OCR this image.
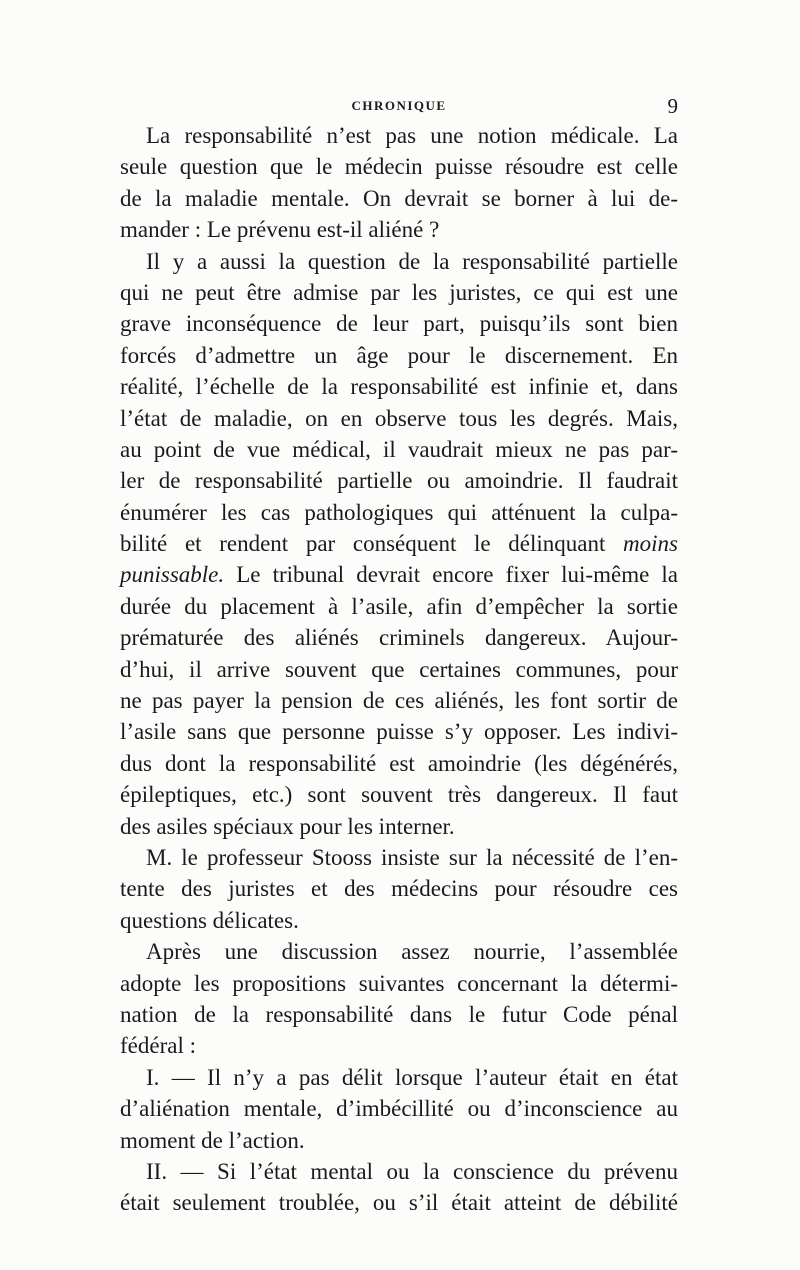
CHRONIQUE	9
La responsabilité n’est pas une notion médicale. La
seule question que le médecin puisse résoudre est celle
de la maladie mentale. On devrait se borner à lui de-
mander : Le prévenu est-il aliéné ?
Il y a aussi la question de la responsabilité partielle
qui ne peut être admise par les juristes, ce qui est une
grave inconséquence de leur part, puisqu’ils sont bien
forcés d’admettre un âge pour le discernement. En
réalité, l’échelle de la responsabilité est infinie et, dans
l’état de maladie, on en observe tous les degrés. Mais,
au point de vue médical, il vaudrait mieux ne pas par-
ler de responsabilité partielle ou amoindrie. Il faudrait
énumérer les cas pathologiques qui atténuent la culpa-
bilité et rendent par conséquent le délinquant moins
punissable. Le tribunal devrait encore fixer lui-même la
durée du placement à l’asile, afin d’empêcher la sortie
prématurée des aliénés criminels dangereux. Aujour-
d’hui, il arrive souvent que certaines communes, pour
ne pas payer la pension de ces aliénés, les font sortir de
l’asile sans que personne puisse s’y opposer. Les indivi-
dus dont la responsabilité est amoindrie (les dégénérés,
épileptiques, etc.) sont souvent très dangereux. Il faut
des asiles spéciaux pour les interner.
M. le professeur Stooss insiste sur la nécessité de l’en-
tente des juristes et des médecins pour résoudre ces
questions délicates.
Après une discussion assez nourrie, l’assemblée
adopte les propositions suivantes concernant la détermi-
nation de la responsabilité dans le futur Code pénal
fédéral :
I. — Il n’y a pas délit lorsque l’auteur était en état
d’aliénation mentale, d’imbécillité ou d’inconscience au
moment de l’action.
II. — Si l’état mental ou la conscience du prévenu
était seulement troublée, ou s’il était atteint de débilité
